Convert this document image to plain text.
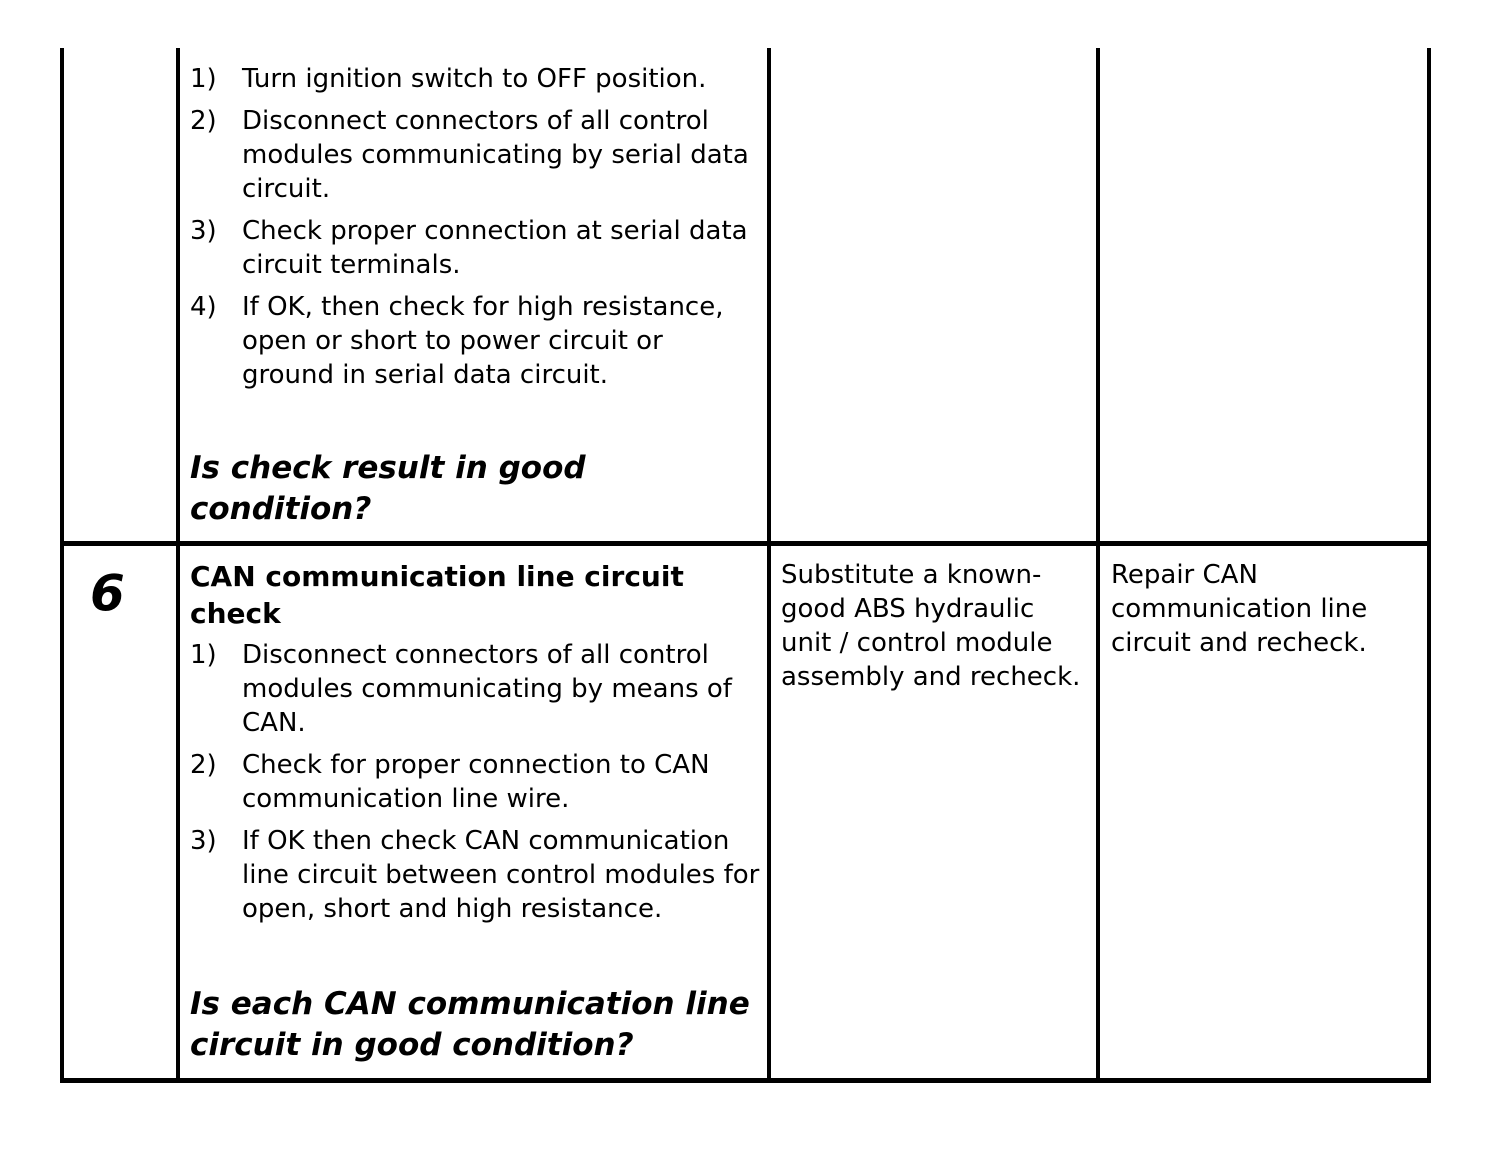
1) Turn ignition switch to OFF position.
2) Disconnect connectors of all control modules communicating by serial data circuit.
3) Check proper connection at serial data circuit terminals.
4) If OK, then check for high resistance, open or short to power circuit or ground in serial data circuit.
Is check result in good condition?
6 CAN communication line circuit check
1) Disconnect connectors of all control modules communicating by means of CAN.
2) Check for proper connection to CAN communication line wire.
3) If OK then check CAN communication line circuit between control modules for open, short and high resistance.
Is each CAN communication line circuit in good condition?
Substitute a known-good ABS hydraulic unit / control module assembly and recheck.
Repair CAN communication line circuit and recheck.
